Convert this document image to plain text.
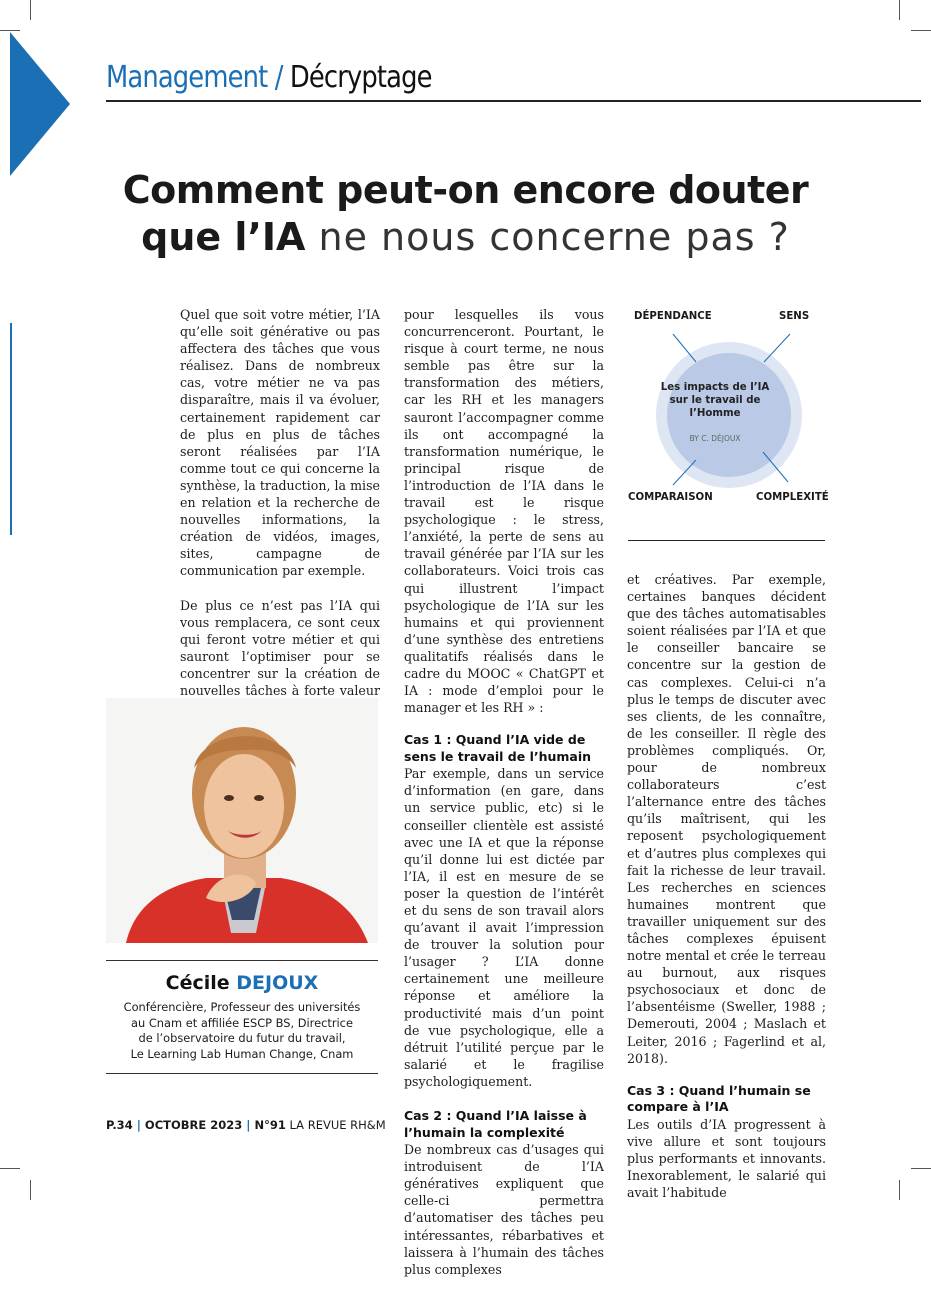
Management / Décryptage
Comment peut-on encore douter
que l’IA ne nous concerne pas ?

Quel que soit votre métier, l’IA qu’elle soit générative ou pas affectera des tâches que vous réalisez. Dans de nombreux cas, votre métier ne va pas disparaître, mais il va évoluer, certainement rapidement car de plus en plus de tâches seront réalisées par l’IA comme tout ce qui concerne la synthèse, la traduction, la mise en relation et la recherche de nouvelles informations, la création de vidéos, images, sites, campagne de communication par exemple.

De plus ce n’est pas l’IA qui vous remplacera, ce sont ceux qui feront votre métier et qui sauront l’optimiser pour se concentrer sur la création de nouvelles tâches à forte valeur

Cécile DEJOUX
Conférencière, Professeur des universités
au Cnam et affiliée ESCP BS, Directrice
de l’observatoire du futur du travail,
Le Learning Lab Human Change, Cnam

pour lesquelles ils vous concurrenceront. Pourtant, le risque à court terme, ne nous semble pas être sur la transformation des métiers, car les RH et les managers sauront l’accompagner comme ils ont accompagné la transformation numérique, le principal risque de l’introduction de l’IA dans le travail est le risque psychologique : le stress, l’anxiété, la perte de sens au travail générée par l’IA sur les collaborateurs. Voici trois cas qui illustrent l’impact psychologique de l’IA sur les humains et qui proviennent d’une synthèse des entretiens qualitatifs réalisés dans le cadre du MOOC « ChatGPT et IA : mode d’emploi pour le manager et les RH » :

Cas 1 : Quand l’IA vide de sens le travail de l’humain

Par exemple, dans un service d’information (en gare, dans un service public, etc) si le conseiller clientèle est assisté avec une IA et que la réponse qu’il donne lui est dictée par l’IA, il est en mesure de se poser la question de l’intérêt et du sens de son travail alors qu’avant il avait l’impression de trouver la solution pour l’usager ? L’IA donne certainement une meilleure réponse et améliore la productivité mais d’un point de vue psychologique, elle a détruit l’utilité perçue par le salarié et le fragilise psychologiquement.

Cas 2 : Quand l’IA laisse à l’humain la complexité

De nombreux cas d’usages qui introduisent de l’IA génératives expliquent que celle-ci permettra d’automatiser des tâches peu intéressantes, rébarbatives et laissera à l’humain des tâches plus complexes

DÉPENDANCE	SENS
COMPARAISON	COMPLEXITÉ
Les impacts de l’IA sur le travail de l’Homme
BY C. DÉJOUX

et créatives. Par exemple, certaines banques décident que des tâches automatisables soient réalisées par l’IA et que le conseiller bancaire se concentre sur la gestion de cas complexes. Celui-ci n’a plus le temps de discuter avec ses clients, de les connaître, de les conseiller. Il règle des problèmes compliqués. Or, pour de nombreux collaborateurs c’est l’alternance entre des tâches qu’ils maîtrisent, qui les reposent psychologiquement et d’autres plus complexes qui fait la richesse de leur travail. Les recherches en sciences humaines montrent que travailler uniquement sur des tâches complexes épuisent notre mental et crée le terreau au burnout, aux risques psychosociaux et donc de l’absentéisme (Sweller, 1988 ; Demerouti, 2004 ; Maslach et Leiter, 2016 ; Fagerlind et al, 2018).

Cas 3 : Quand l’humain se compare à l’IA

Les outils d’IA progressent à vive allure et sont toujours plus performants et innovants. Inexorablement, le salarié qui avait l’habitude

P.34 | OCTOBRE 2023 | N°91 LA REVUE RH&M
